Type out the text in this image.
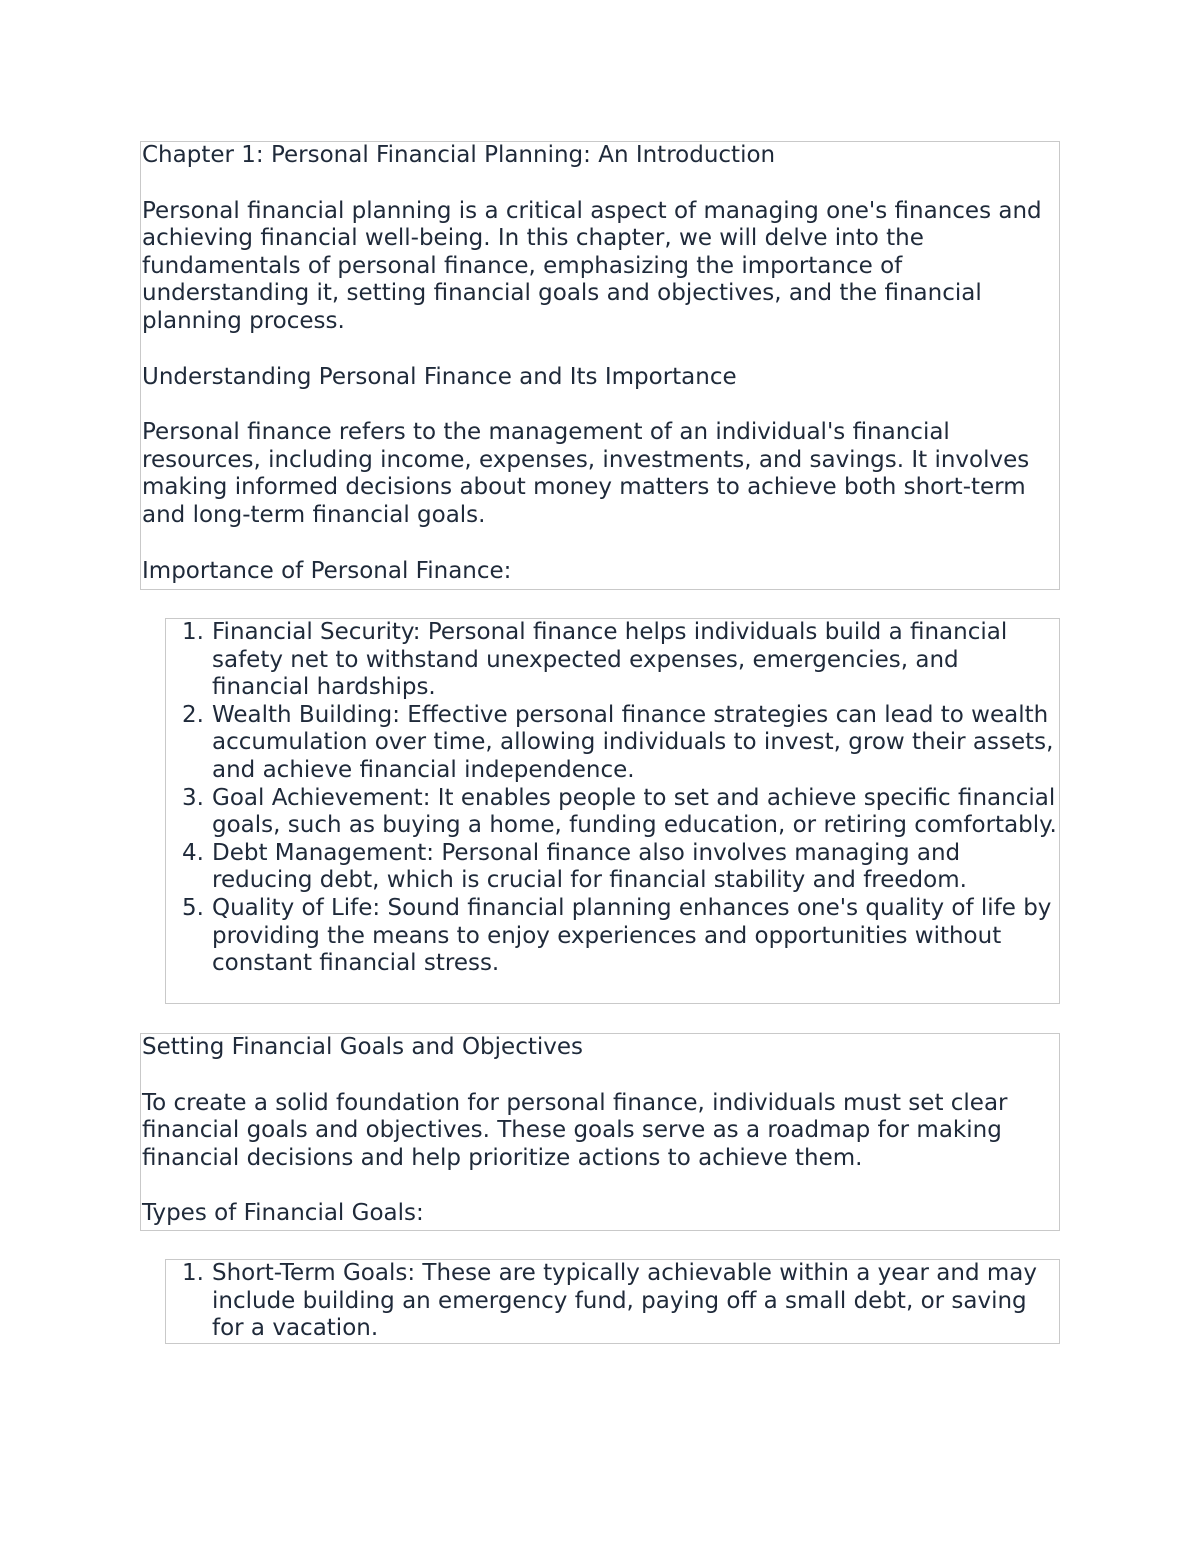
Chapter 1: Personal Financial Planning: An Introduction

Personal financial planning is a critical aspect of managing one's finances and achieving financial well-being. In this chapter, we will delve into the fundamentals of personal finance, emphasizing the importance of understanding it, setting financial goals and objectives, and the financial planning process.

Understanding Personal Finance and Its Importance

Personal finance refers to the management of an individual's financial resources, including income, expenses, investments, and savings. It involves making informed decisions about money matters to achieve both short-term and long-term financial goals.

Importance of Personal Finance:

1. Financial Security: Personal finance helps individuals build a financial safety net to withstand unexpected expenses, emergencies, and financial hardships.
2. Wealth Building: Effective personal finance strategies can lead to wealth accumulation over time, allowing individuals to invest, grow their assets, and achieve financial independence.
3. Goal Achievement: It enables people to set and achieve specific financial goals, such as buying a home, funding education, or retiring comfortably.
4. Debt Management: Personal finance also involves managing and reducing debt, which is crucial for financial stability and freedom.
5. Quality of Life: Sound financial planning enhances one's quality of life by providing the means to enjoy experiences and opportunities without constant financial stress.

Setting Financial Goals and Objectives

To create a solid foundation for personal finance, individuals must set clear financial goals and objectives. These goals serve as a roadmap for making financial decisions and help prioritize actions to achieve them.

Types of Financial Goals:

1. Short-Term Goals: These are typically achievable within a year and may include building an emergency fund, paying off a small debt, or saving for a vacation.
